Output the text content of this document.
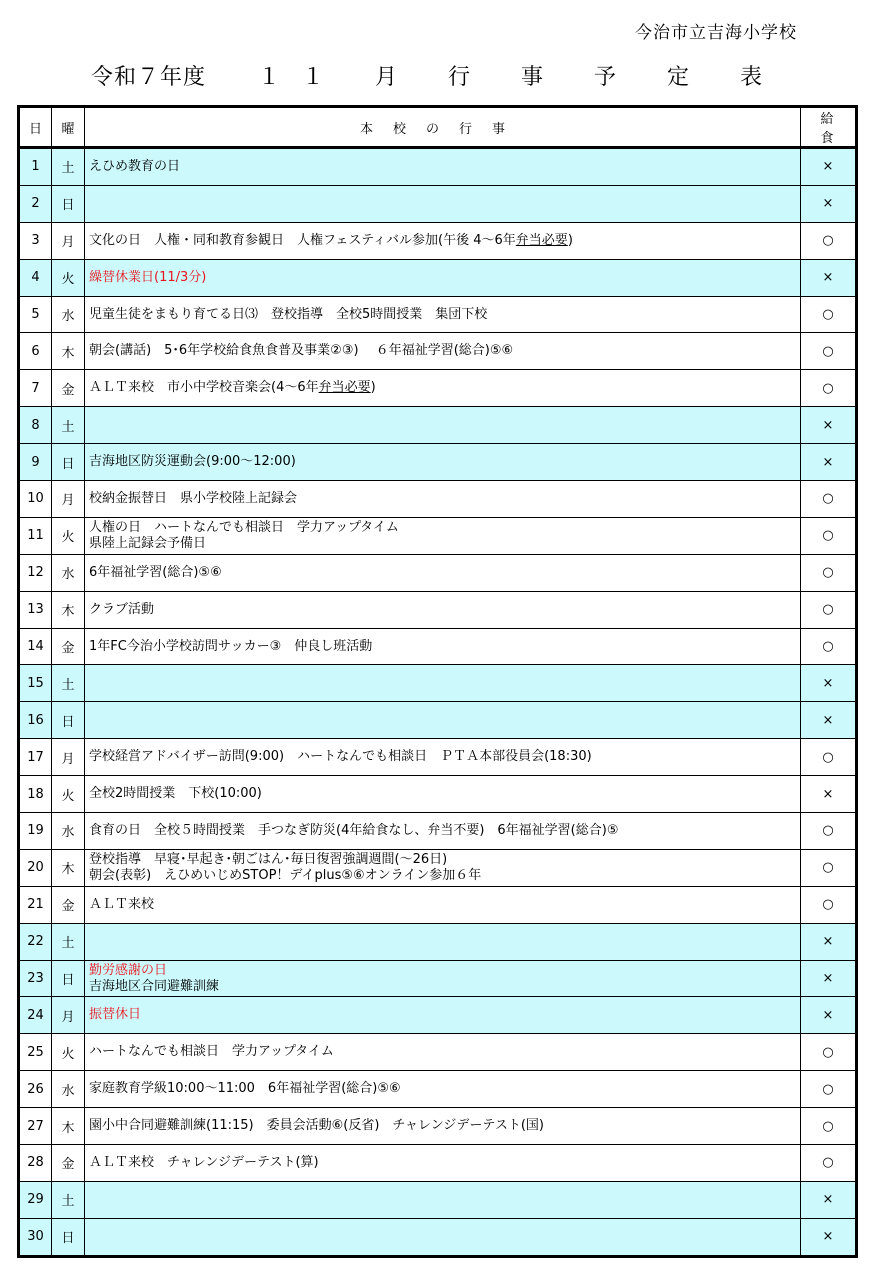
今治市立吉海小学校
令和７年度 １１ 月 行 事 予 定 表
日	曜	本校の行事	給食
1	土	えひめ教育の日	×
2	日		×
3	月	文化の日　人権・同和教育参観日　人権フェスティバル参加(午後 4～6年弁当必要)	○
4	火	繰替休業日(11/3分)	×
5	水	児童生徒をまもり育てる日⑶　登校指導　全校5時間授業　集団下校	○
6	木	朝会(講話)　5･6年学校給食魚食普及事業②③)　 ６年福祉学習(総合)⑤⑥	○
7	金	ＡＬＴ来校　市小中学校音楽会(4～6年弁当必要)	○
8	土		×
9	日	吉海地区防災運動会(9:00～12:00)	×
10	月	校納金振替日　県小学校陸上記録会	○
11	火	人権の日　ハートなんでも相談日　学力アップタイム
県陸上記録会予備日	○
12	水	6年福祉学習(総合)⑤⑥	○
13	木	クラブ活動	○
14	金	1年FC今治小学校訪問サッカー③　仲良し班活動	○
15	土		×
16	日		×
17	月	学校経営アドバイザー訪問(9:00)　ハートなんでも相談日　ＰＴＡ本部役員会(18:30)	○
18	火	全校2時間授業　下校(10:00)	×
19	水	食育の日　全校５時間授業　手つなぎ防災(4年給食なし、弁当不要)　6年福祉学習(総合)⑤	○
20	木	登校指導　早寝･早起き･朝ごはん･毎日復習強調週間(～26日)
朝会(表彰)　えひめいじめSTOP！デイplus⑤⑥オンライン参加６年	○
21	金	ＡＬＴ来校	○
22	土		×
23	日	勤労感謝の日
吉海地区合同避難訓練	×
24	月	振替休日	×
25	火	ハートなんでも相談日　学力アップタイム	○
26	水	家庭教育学級10:00～11:00　6年福祉学習(総合)⑤⑥	○
27	木	園小中合同避難訓練(11:15)　委員会活動⑥(反省)　チャレンジデーテスト(国)	○
28	金	ＡＬＴ来校　チャレンジデーテスト(算)	○
29	土		×
30	日		×
